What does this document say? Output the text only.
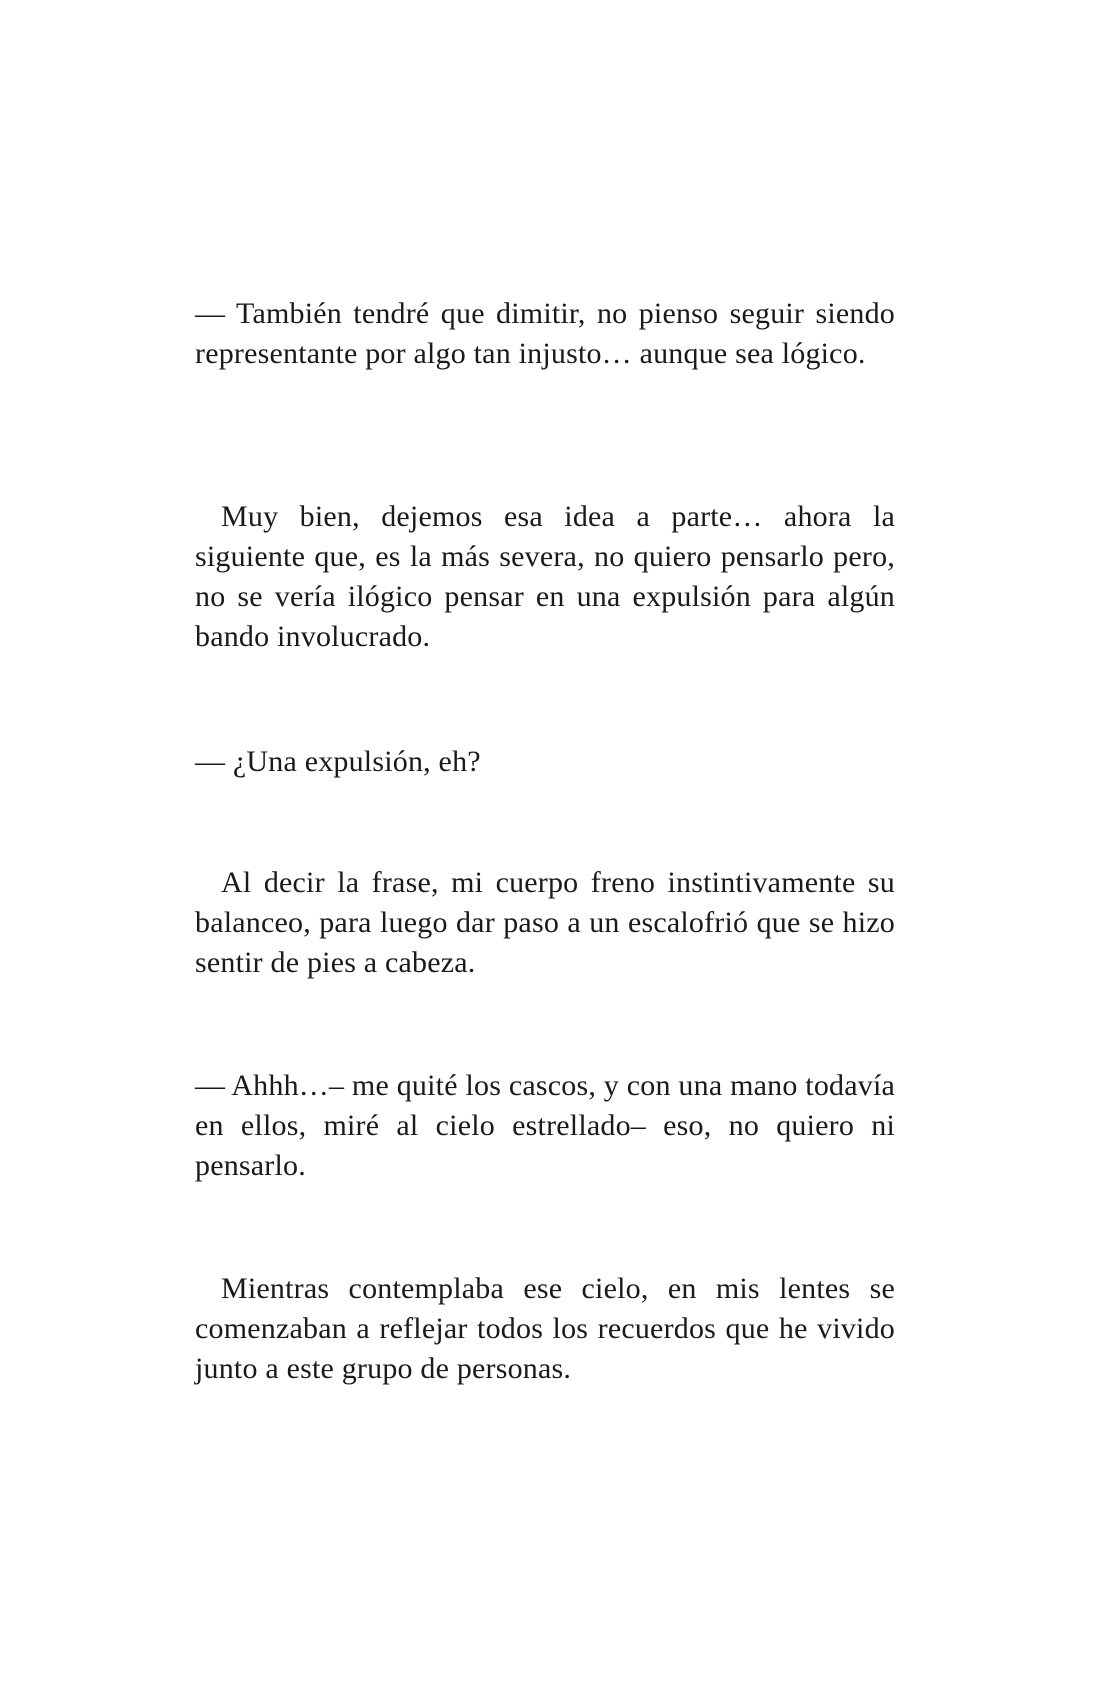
— También tendré que dimitir, no pienso seguir siendo representante por algo tan injusto… aunque sea lógico.

Muy bien, dejemos esa idea a parte… ahora la siguiente que, es la más severa, no quiero pensarlo pero, no se vería ilógico pensar en una expulsión para algún bando involucrado.

— ¿Una expulsión, eh?

Al decir la frase, mi cuerpo freno instintivamente su balanceo, para luego dar paso a un escalofrió que se hizo sentir de pies a cabeza.

— Ahhh…– me quité los cascos, y con una mano todavía en ellos, miré al cielo estrellado– eso, no quiero ni pensarlo.

Mientras contemplaba ese cielo, en mis lentes se comenzaban a reflejar todos los recuerdos que he vivido junto a este grupo de personas.
